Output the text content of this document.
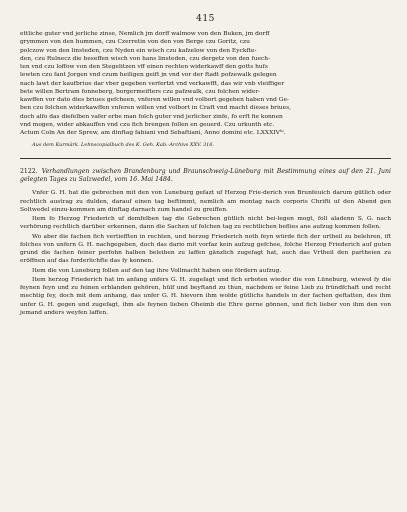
415

ettliche guter vnd jerliche zinse, Nemlich jm dorff walmow von den Buken, jm dorff

grymmen von den hummen, czu Czerretin von den von Berge czu Goritz, czu

polczow von den linsteden, czu Nyden ein wisch czu kafzelow von den Eyckfte-

den, czu Rulnecz die beseffen wisch von hans linsteden, czu dergetz von den fuech-

ten vnd czu loffow von den Stegelitzen vff einen rechten widerkawff den gotts hufs

lewten czu fant Jorgen vnd czum heiligen geift jn vnd vor der ftadt pofzewalk gelegen

nach lawt der kaufbriue dar vber gegeben verfertzt vnd verkawfft, das wir vnb vleiffiger

bete willen Bertram fonneberg, borgermeifters czu pafzwalk, czu folchen wider-

kawffen vor dato dies briues gefcheen, vnferen willen vnd volbort gegeben haben vnd Ge-

ben czu folchen widerkawffen vnferen willen vnd volbort in Craft vnd macht dieses briues,

doch alfo das diefelben vafer erbe man folch guter vnd jerlicher zinfe, fo erft fie konnen

vnd mogen, wider abkauffen vnd czu fich brengen follen en geuerd. Czu urkunth etc.

Actum Coln An der Sprew, am dinftag fabiani vnd Sebaftiani, Anno domini etc. LXXXIVᵗᵒ.

Aus dem Kurmärk. Lehnscopialbuch des K. Geh. Kab.-Archivs XXV. 316.

2122. Verhandlungen zwischen Brandenburg und Braunschweig-Lüneburg mit Bestimmung eines auf den 21. Juni gelegten Tages zu Salzwedel, vom 16. Mai 1484.

Vnfer G. H. hat die gebrechen mit den von Luneburg gefazt uf Herzog Frie-derich von Brunfeuich darum gütlich oder rechtlich austrag zu dulden, darauf einen tag beftimmt, nemlich am montag nach corporis Chrifti uf den Abend gen Soltwedel einzu-kommen am dinftag darnach zum handel zu greiffen.

Item fo Herzog Friederich uf demfelben tag die Gebrechen gütlich nicht bei-legen mogt, foll aladenn S. G. nach verhörung rechtlich darüber erkennen, dann die Sachen uf folchen tag zu rechtlichen beflies ane aufzug kommen follen.

Wo aber die fachen fich vertiefften in rechten, und herzog Friederich noth feyn würde fich der urtheil zu belehren, ift folches von unfern G. H. nachgegeben, doch das dario mit vorfaz kein aufzug gefchee, folche Herzog Friederich auf guten grund die fachen feiner perfohn halben beleiben zu laffen gänzlich zugefagt hat, auch das Vrtheil den partheien zu eröffnen auf das forderlichfte das fy konnen.

Item die von Luneburg follen auf den tag ihre Vollmacht haben one fördern aufzug.

Item herzog Friederich hat im anfang unfers G. H. zugefagt und fich erboten wieder die von Lüneburg, wiewol fy die feynen feyn und zu feinen erblanden gehören, hülf und beyftand zu thun, nachdem er feine Lieb zu fründfchaft und recht mechtig fey, doch mit dem anhang, das unfer G. H. hievorn ihm wolde gütlichs handels in der fachen geftatten, des ihm unfer G. H. gegen und zugefagt, ihm als feynen lieben Oheimb die Ehre gerne gönnen, und fich lieber von ihm den von jemand anders weyfen laffen.
